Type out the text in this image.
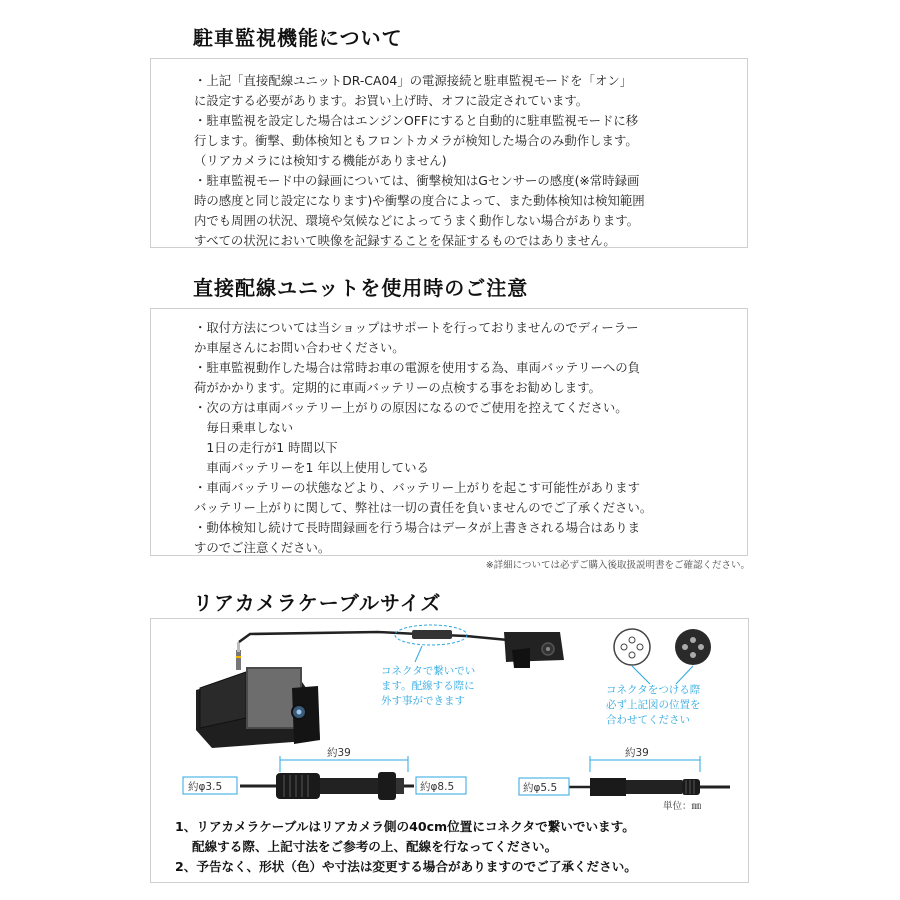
駐車監視機能について
・上記「直接配線ユニットDR-CA04」の電源接続と駐車監視モードを「オン」
に設定する必要があります。お買い上げ時、オフに設定されています。
・駐車監視を設定した場合はエンジンOFFにすると自動的に駐車監視モードに移
行します。衝撃、動体検知ともフロントカメラが検知した場合のみ動作します。
（リアカメラには検知する機能がありません)
・駐車監視モード中の録画については、衝撃検知はGセンサーの感度(※常時録画
時の感度と同じ設定になります)や衝撃の度合によって、また動体検知は検知範囲
内でも周囲の状況、環境や気候などによってうまく動作しない場合があります。
すべての状況において映像を記録することを保証するものではありません。
直接配線ユニットを使用時のご注意
・取付方法については当ショップはサポートを行っておりませんのでディーラー
か車屋さんにお問い合わせください。
・駐車監視動作した場合は常時お車の電源を使用する為、車両バッテリーへの負
荷がかかります。定期的に車両バッテリーの点検する事をお勧めします。
・次の方は車両バッテリー上がりの原因になるのでご使用を控えてください。
　毎日乗車しない
　1日の走行が1 時間以下
　車両バッテリーを1 年以上使用している
・車両バッテリーの状態などより、バッテリー上がりを起こす可能性があります
バッテリー上がりに関して、弊社は一切の責任を負いませんのでご了承ください。
・動体検知し続けて長時間録画を行う場合はデータが上書きされる場合はありま
すのでご注意ください。
※詳細については必ずご購入後取扱説明書をご確認ください。
リアカメラケーブルサイズ
コネクタで繋いでい
ます。配線する際に
外す事ができます
コネクタをつける際
必ず上記図の位置を
合わせてください
約39
約φ3.5	約φ8.5
約39
約φ5.5
単位：㎜
1、リアカメラケーブルはリアカメラ側の40cm位置にコネクタで繋いでいます。
　 配線する際、上記寸法をご参考の上、配線を行なってください。
2、予告なく、形状（色）や寸法は変更する場合がありますのでご了承ください。
